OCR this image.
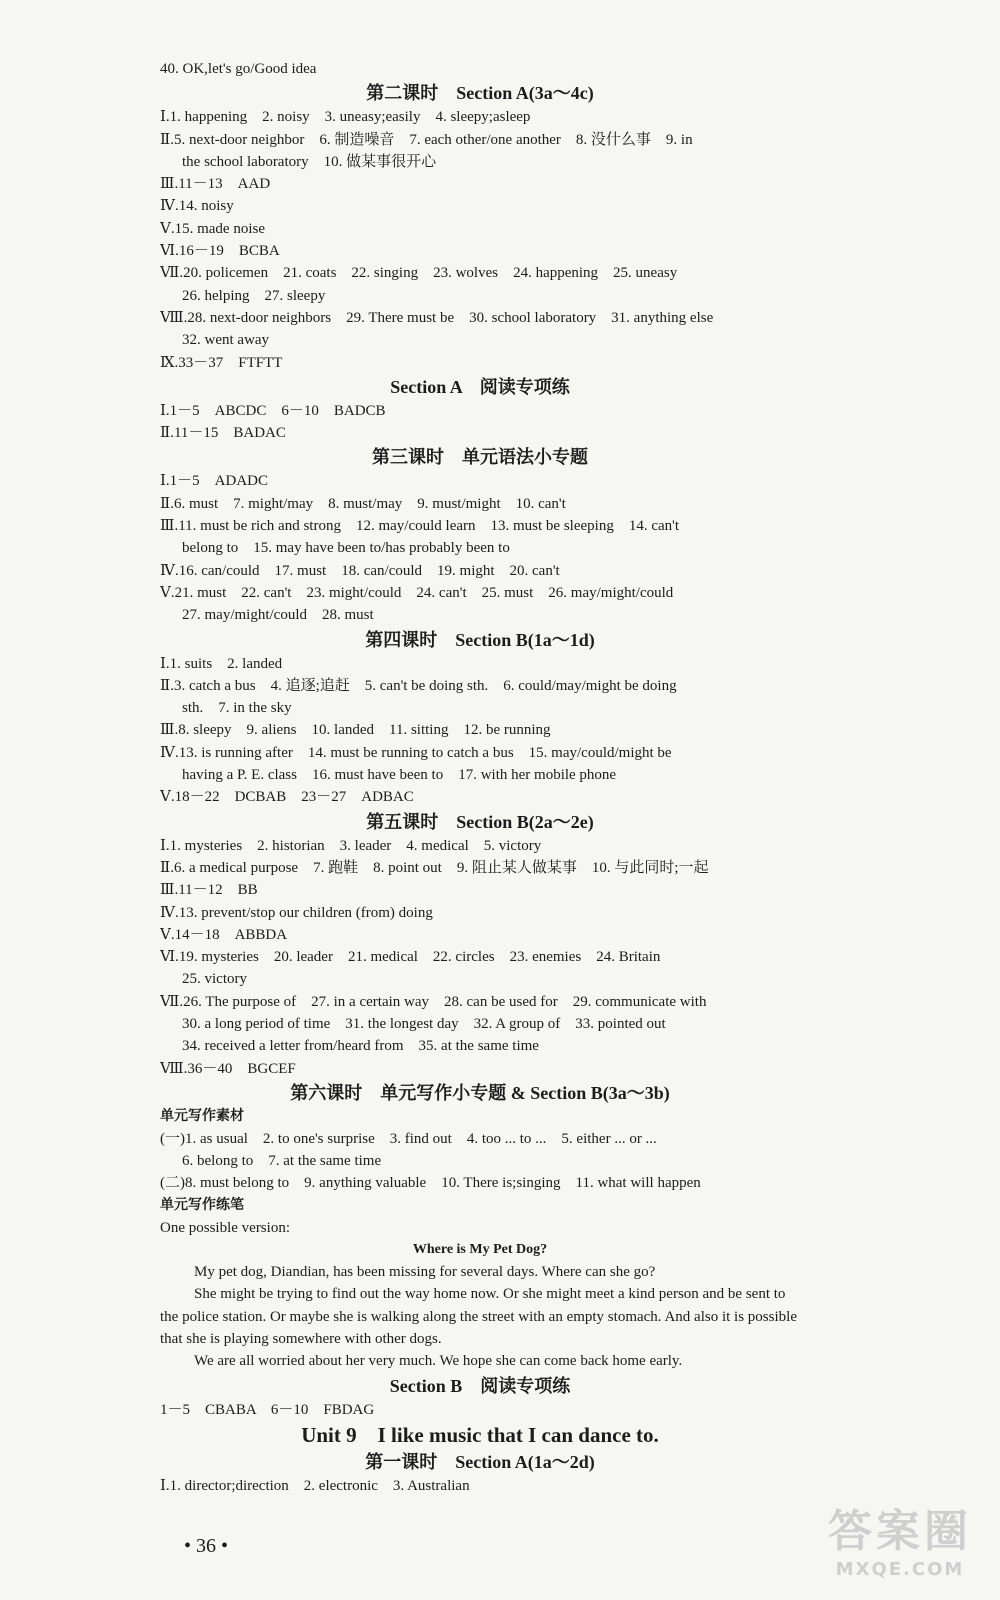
40. OK,let's go/Good idea
第二课时　Section A(3a～4c)
Ⅰ.1. happening　2. noisy　3. uneasy;easily　4. sleepy;asleep
Ⅱ.5. next-door neighbor　6. 制造噪音　7. each other/one another　8. 没什么事　9. in
the school laboratory　10. 做某事很开心
Ⅲ.11－13　AAD
Ⅳ.14. noisy
Ⅴ.15. made noise
Ⅵ.16－19　BCBA
Ⅶ.20. policemen　21. coats　22. singing　23. wolves　24. happening　25. uneasy
26. helping　27. sleepy
Ⅷ.28. next-door neighbors　29. There must be　30. school laboratory　31. anything else
32. went away
Ⅸ.33－37　FTFTT
Section A　阅读专项练
Ⅰ.1－5　ABCDC　6－10　BADCB
Ⅱ.11－15　BADAC
第三课时　单元语法小专题
Ⅰ.1－5　ADADC
Ⅱ.6. must　7. might/may　8. must/may　9. must/might　10. can't
Ⅲ.11. must be rich and strong　12. may/could learn　13. must be sleeping　14. can't
belong to　15. may have been to/has probably been to
Ⅳ.16. can/could　17. must　18. can/could　19. might　20. can't
Ⅴ.21. must　22. can't　23. might/could　24. can't　25. must　26. may/might/could
27. may/might/could　28. must
第四课时　Section B(1a～1d)
Ⅰ.1. suits　2. landed
Ⅱ.3. catch a bus　4. 追逐;追赶　5. can't be doing sth.　6. could/may/might be doing
sth.　7. in the sky
Ⅲ.8. sleepy　9. aliens　10. landed　11. sitting　12. be running
Ⅳ.13. is running after　14. must be running to catch a bus　15. may/could/might be
having a P. E. class　16. must have been to　17. with her mobile phone
Ⅴ.18－22　DCBAB　23－27　ADBAC
第五课时　Section B(2a～2e)
Ⅰ.1. mysteries　2. historian　3. leader　4. medical　5. victory
Ⅱ.6. a medical purpose　7. 跑鞋　8. point out　9. 阻止某人做某事　10. 与此同时;一起
Ⅲ.11－12　BB
Ⅳ.13. prevent/stop our children (from) doing
Ⅴ.14－18　ABBDA
Ⅵ.19. mysteries　20. leader　21. medical　22. circles　23. enemies　24. Britain
25. victory
Ⅶ.26. The purpose of　27. in a certain way　28. can be used for　29. communicate with
30. a long period of time　31. the longest day　32. A group of　33. pointed out
34. received a letter from/heard from　35. at the same time
Ⅷ.36－40　BGCEF
第六课时　单元写作小专题 & Section B(3a～3b)
单元写作素材
(一)1. as usual　2. to one's surprise　3. find out　4. too ... to ...　5. either ... or ...
6. belong to　7. at the same time
(二)8. must belong to　9. anything valuable　10. There is;singing　11. what will happen
单元写作练笔
One possible version:
Where is My Pet Dog?
My pet dog, Diandian, has been missing for several days. Where can she go?
She might be trying to find out the way home now. Or she might meet a kind person and be sent to the police station. Or maybe she is walking along the street with an empty stomach. And also it is possible that she is playing somewhere with other dogs.
We are all worried about her very much. We hope she can come back home early.
Section B　阅读专项练
1－5　CBABA　6－10　FBDAG
Unit 9　I like music that I can dance to.
第一课时　Section A(1a～2d)
Ⅰ.1. director;direction　2. electronic　3. Australian
• 36 •	答案圈
MXQE.COM
